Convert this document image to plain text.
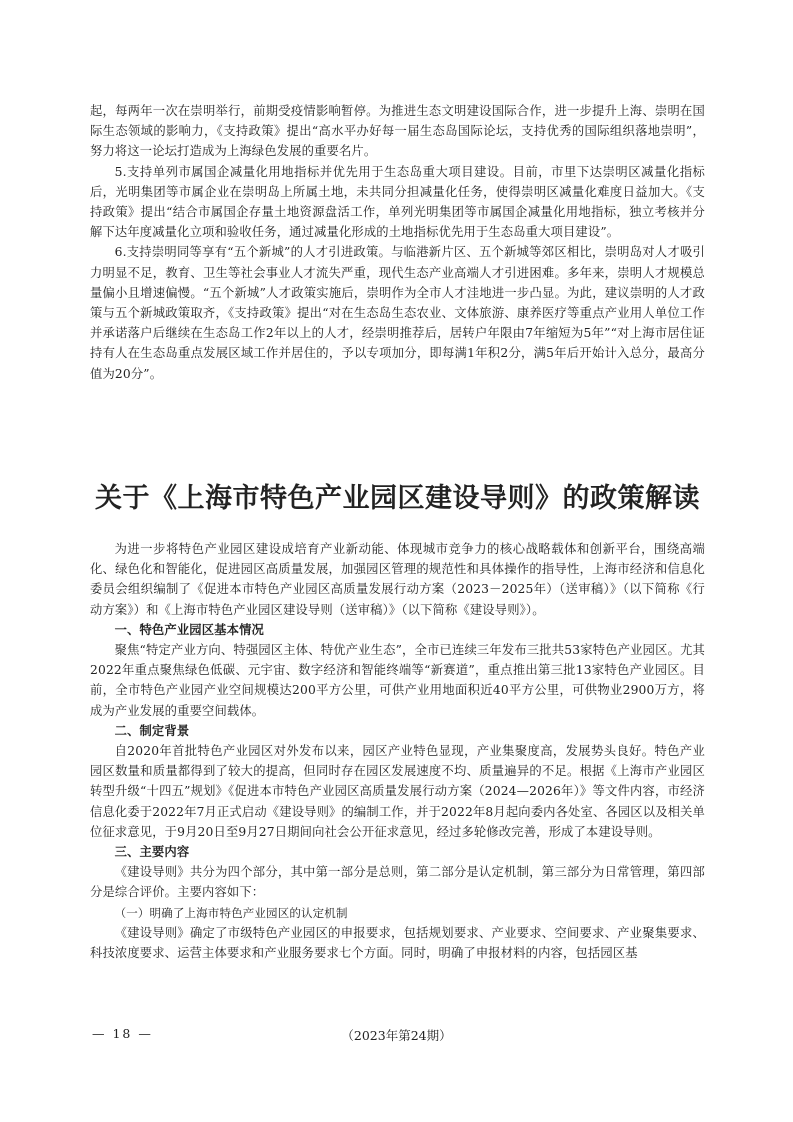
起，每两年一次在崇明举行，前期受疫情影响暂停。为推进生态文明建设国际合作，进一步提升上海、崇明在国际生态领域的影响力，《支持政策》提出“高水平办好每一届生态岛国际论坛，支持优秀的国际组织落地崇明”，努力将这一论坛打造成为上海绿色发展的重要名片。

5.支持单列市属国企减量化用地指标并优先用于生态岛重大项目建设。目前，市里下达崇明区减量化指标后，光明集团等市属企业在崇明岛上所属土地，未共同分担减量化任务，使得崇明区减量化难度日益加大。《支持政策》提出“结合市属国企存量土地资源盘活工作，单列光明集团等市属国企减量化用地指标，独立考核并分解下达年度减量化立项和验收任务，通过减量化形成的土地指标优先用于生态岛重大项目建设”。

6.支持崇明同等享有“五个新城”的人才引进政策。与临港新片区、五个新城等郊区相比，崇明岛对人才吸引力明显不足，教育、卫生等社会事业人才流失严重，现代生态产业高端人才引进困难。多年来，崇明人才规模总量偏小且增速偏慢。“五个新城”人才政策实施后，崇明作为全市人才洼地进一步凸显。为此，建议崇明的人才政策与五个新城政策取齐，《支持政策》提出“对在生态岛生态农业、文体旅游、康养医疗等重点产业用人单位工作并承诺落户后继续在生态岛工作2年以上的人才，经崇明推荐后，居转户年限由7年缩短为5年”“对上海市居住证持有人在生态岛重点发展区域工作并居住的，予以专项加分，即每满1年积2分，满5年后开始计入总分，最高分值为20分”。

关于《上海市特色产业园区建设导则》的政策解读

为进一步将特色产业园区建设成培育产业新动能、体现城市竞争力的核心战略载体和创新平台，围绕高端化、绿色化和智能化，促进园区高质量发展，加强园区管理的规范性和具体操作的指导性，上海市经济和信息化委员会组织编制了《促进本市特色产业园区高质量发展行动方案（2023－2025年）（送审稿）》（以下简称《行动方案》）和《上海市特色产业园区建设导则（送审稿）》（以下简称《建设导则》）。

一、特色产业园区基本情况

聚焦“特定产业方向、特强园区主体、特优产业生态”，全市已连续三年发布三批共53家特色产业园区。尤其2022年重点聚焦绿色低碳、元宇宙、数字经济和智能终端等“新赛道”，重点推出第三批13家特色产业园区。目前，全市特色产业园产业空间规模达200平方公里，可供产业用地面积近40平方公里，可供物业2900万方，将成为产业发展的重要空间载体。

二、制定背景

自2020年首批特色产业园区对外发布以来，园区产业特色显现，产业集聚度高，发展势头良好。特色产业园区数量和质量都得到了较大的提高，但同时存在园区发展速度不均、质量遍异的不足。根据《上海市产业园区转型升级“十四五”规划》《促进本市特色产业园区高质量发展行动方案（2024—2026年）》等文件内容，市经济信息化委于2022年7月正式启动《建设导则》的编制工作，并于2022年8月起向委内各处室、各园区以及相关单位征求意见，于9月20日至9月27日期间向社会公开征求意见，经过多轮修改完善，形成了本建设导则。

三、主要内容

《建设导则》共分为四个部分，其中第一部分是总则，第二部分是认定机制，第三部分为日常管理，第四部分是综合评价。主要内容如下：

（一）明确了上海市特色产业园区的认定机制

《建设导则》确定了市级特色产业园区的申报要求，包括规划要求、产业要求、空间要求、产业聚集要求、科技浓度要求、运营主体要求和产业服务要求七个方面。同时，明确了申报材料的内容，包括园区基

— 18 —	（2023年第24期）
